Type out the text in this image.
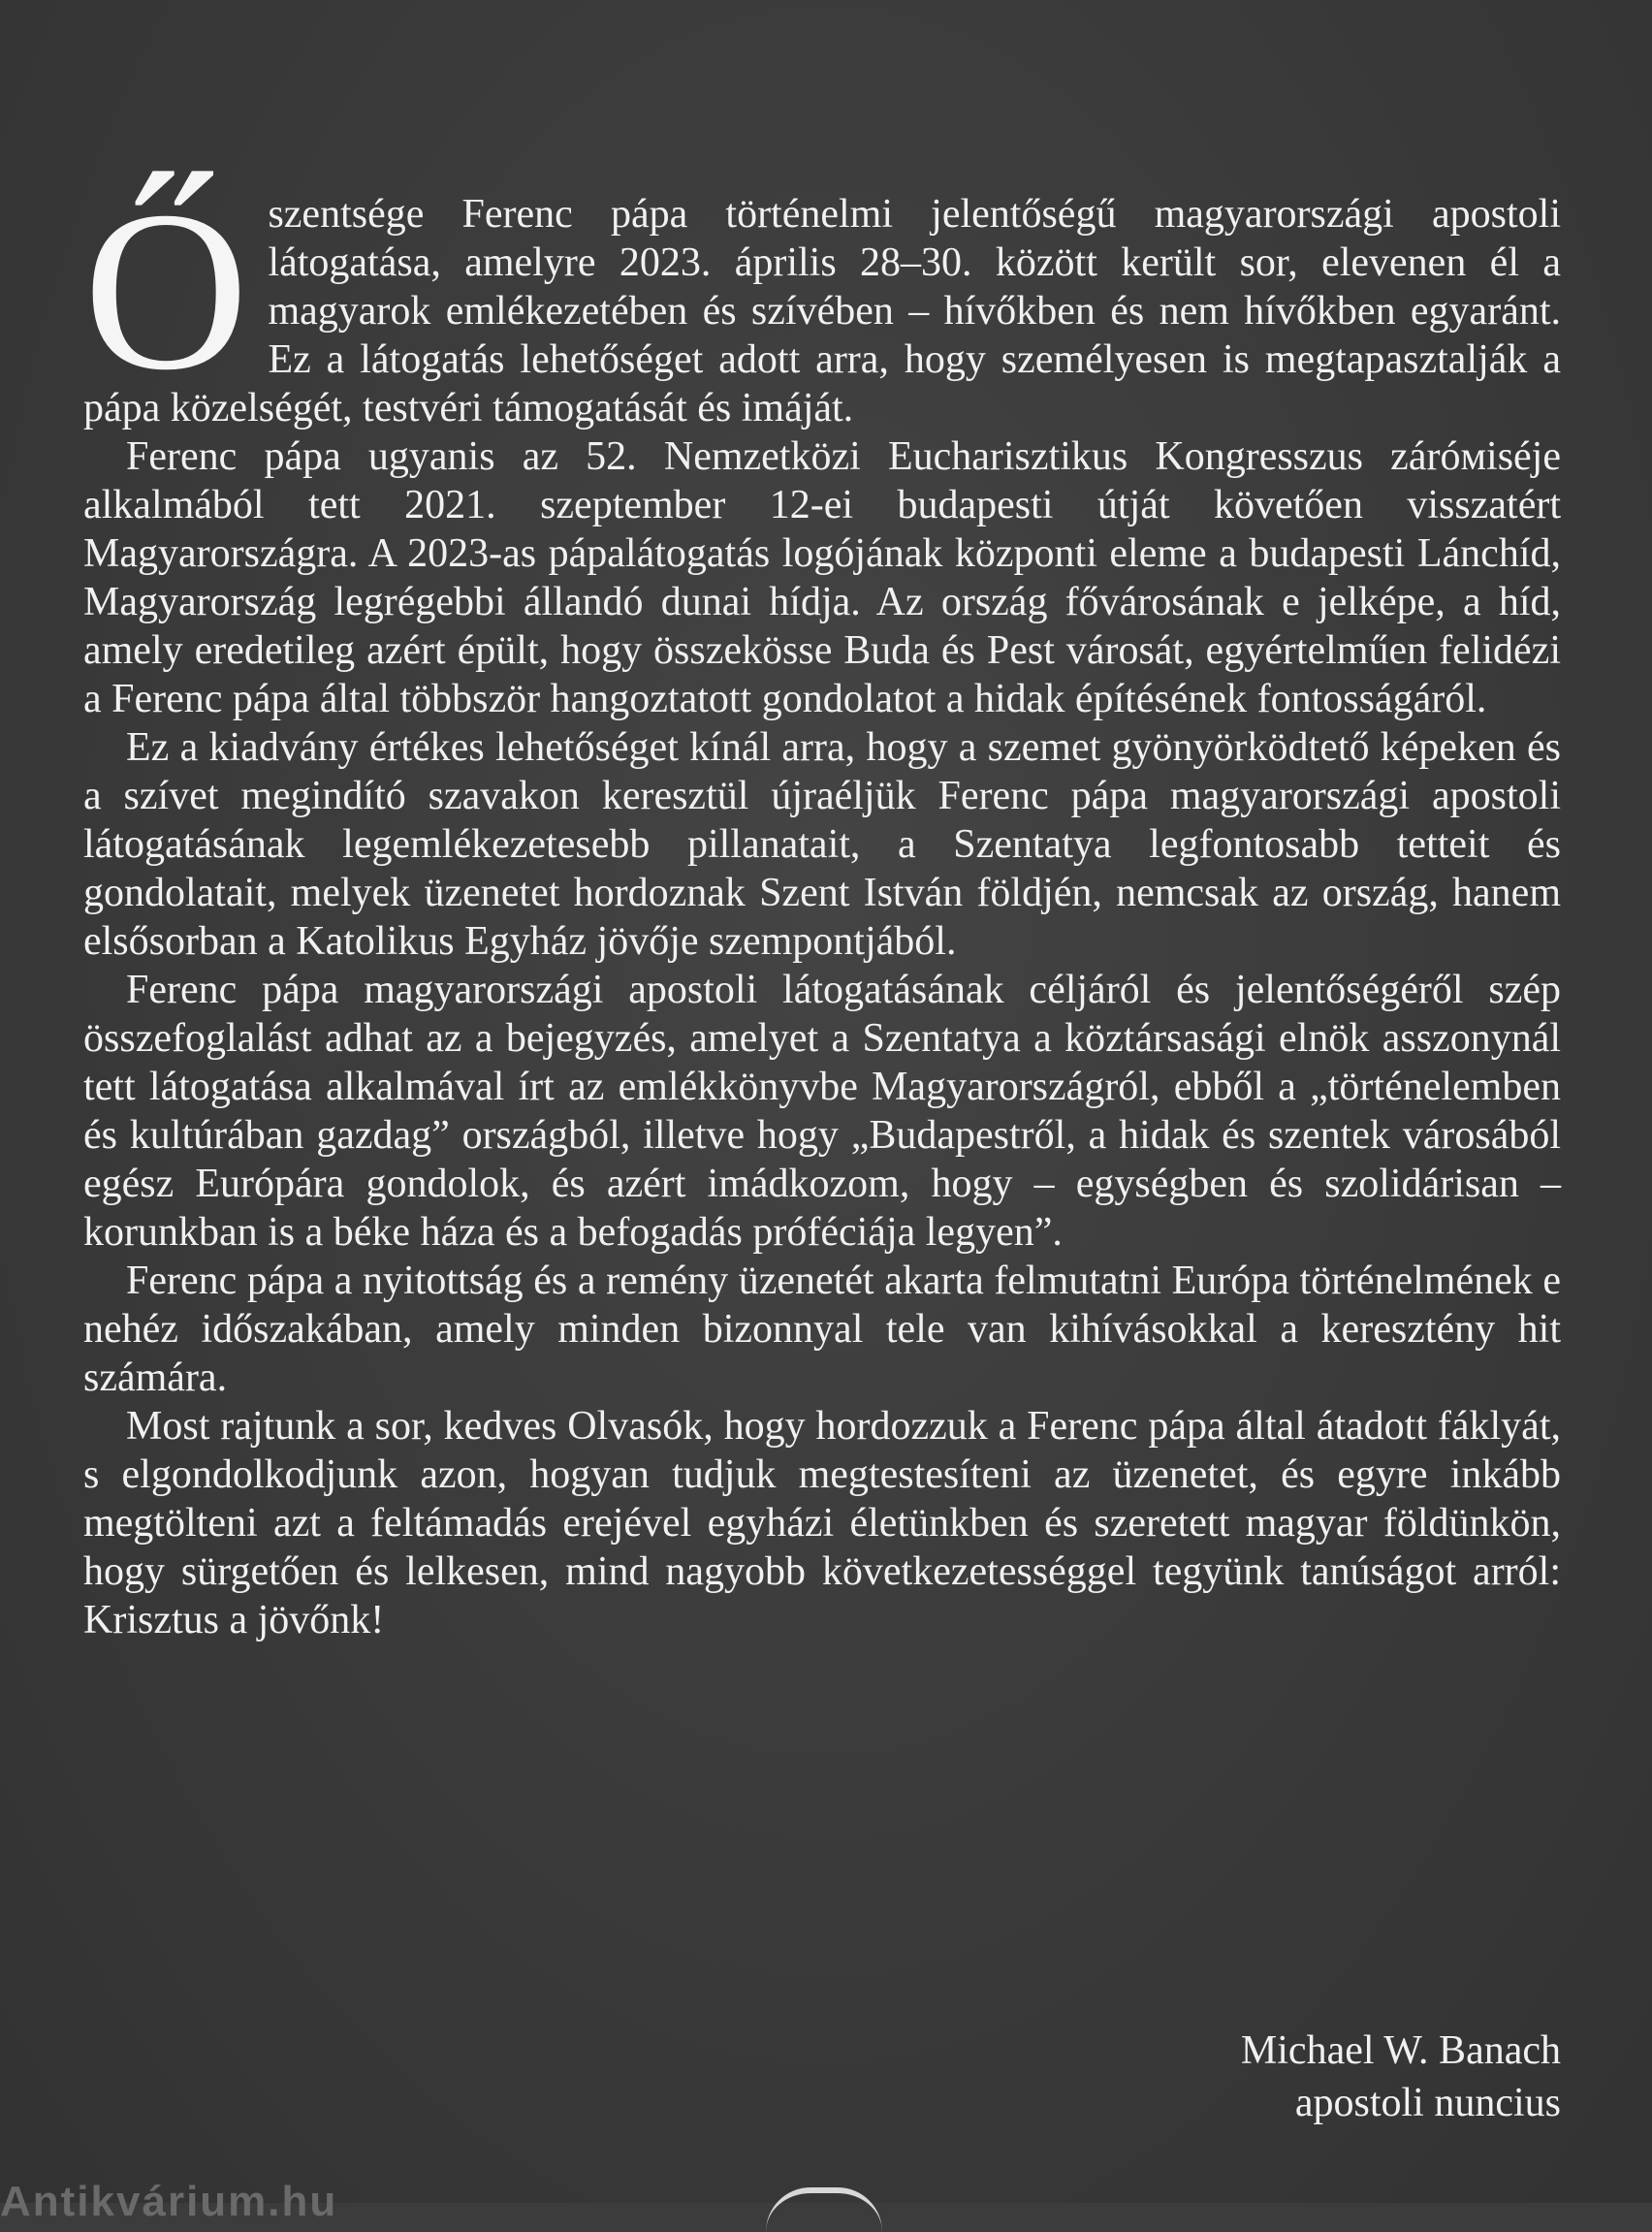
Őszentsége Ferenc pápa történelmi jelentőségű magyarországi apostoli látogatása, amelyre 2023. április 28–30. között került sor, elevenen él a magyarok emlékezetében és szívében – hívőkben és nem hívőkben egyaránt. Ez a látogatás lehetőséget adott arra, hogy személyesen is megtapasztalják a pápa közelségét, testvéri támogatását és imáját.

Ferenc pápa ugyanis az 52. Nemzetközi Eucharisztikus Kongresszus záróміséje alkalmából tett 2021. szeptember 12-ei budapesti útját követően visszatért Magyarországra. A 2023-as pápalátogatás logójának központi eleme a budapesti Lánchíd, Magyarország legrégebbi állandó dunai hídja. Az ország fővárosának e jelképe, a híd, amely eredetileg azért épült, hogy összekösse Buda és Pest városát, egyértelműen felidézi a Ferenc pápa által többször hangoztatott gondolatot a hidak építésének fontosságáról.

Ez a kiadvány értékes lehetőséget kínál arra, hogy a szemet gyönyörködtető képeken és a szívet megindító szavakon keresztül újraéljük Ferenc pápa magyarországi apostoli látogatásának legemlékezetesebb pillanatait, a Szentatya legfontosabb tetteit és gondolatait, melyek üzenetet hordoznak Szent István földjén, nemcsak az ország, hanem elsősorban a Katolikus Egyház jövője szempontjából.

Ferenc pápa magyarországi apostoli látogatásának céljáról és jelentőségéről szép összefoglalást adhat az a bejegyzés, amelyet a Szentatya a köztársasági elnök asszonynál tett látogatása alkalmával írt az emlékkönyvbe Magyarországról, ebből a „történelemben és kultúrában gazdag” országból, illetve hogy „Budapestről, a hidak és szentek városából egész Európára gondolok, és azért imádkozom, hogy – egységben és szolidárisan – korunkban is a béke háza és a befogadás próféciája legyen”.

Ferenc pápa a nyitottság és a remény üzenetét akarta felmutatni Európa történelmének e nehéz időszakában, amely minden bizonnyal tele van kihívásokkal a keresztény hit számára.

Most rajtunk a sor, kedves Olvasók, hogy hordozzuk a Ferenc pápa által átadott fáklyát, s elgondolkodjunk azon, hogyan tudjuk megtestesíteni az üzenetet, és egyre inkább megtölteni azt a feltámadás erejével egyházi életünkben és szeretett magyar földünkön, hogy sürgetően és lelkesen, mind nagyobb következetességgel tegyünk tanúságot arról: Krisztus a jövőnk!

Michael W. Banach
apostoli nuncius
Antikvárium.hu
